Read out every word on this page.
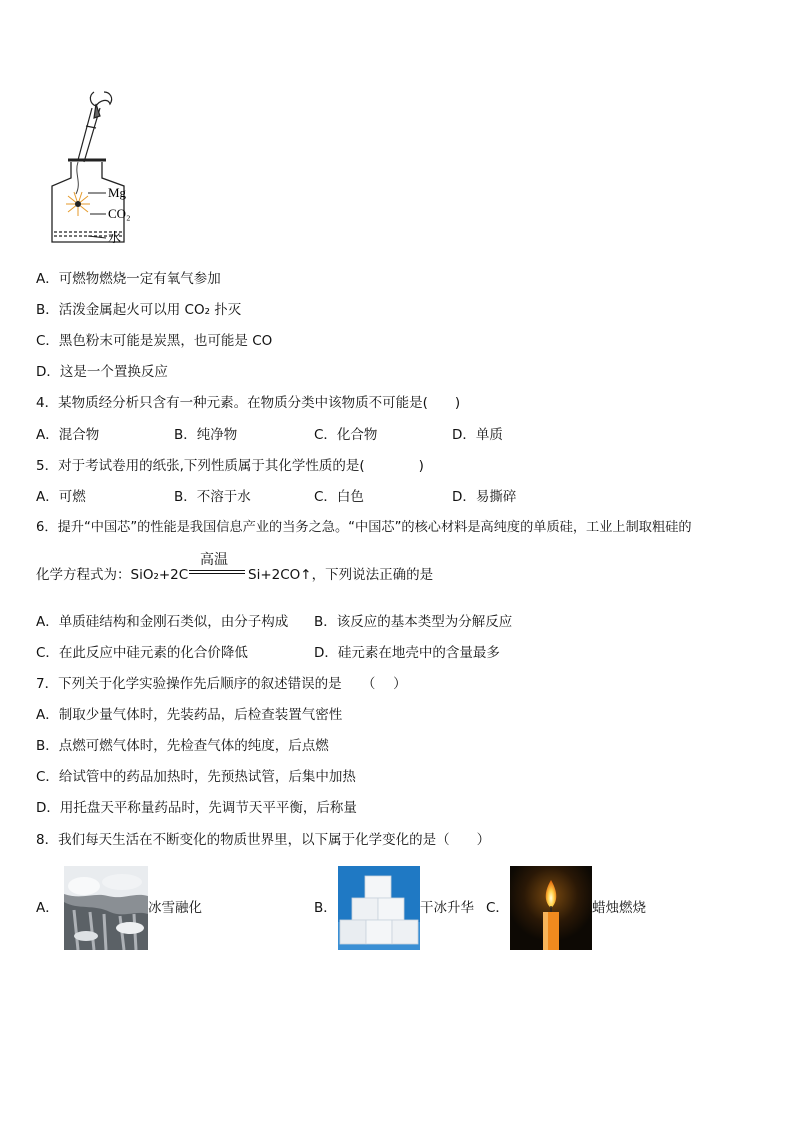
Mg
CO₂
水
A．可燃物燃烧一定有氧气参加
B．活泼金属起火可以用 CO₂ 扑灭
C．黑色粉末可能是炭黑，也可能是 CO
D．这是一个置换反应
4．某物质经分析只含有一种元素。在物质分类中该物质不可能是(　　)
A．混合物	B．纯净物	C．化合物	D．单质
5．对于考试卷用的纸张,下列性质属于其化学性质的是(　　　　)
A．可燃	B．不溶于水	C．白色	D．易撕碎
6．提升“中国芯”的性能是我国信息产业的当务之急。“中国芯”的核心材料是高纯度的单质硅，工业上制取粗硅的
高温
化学方程式为：SiO₂+2C	Si+2CO↑，下列说法正确的是
A．单质硅结构和金刚石类似，由分子构成 B．该反应的基本类型为分解反应
C．在此反应中硅元素的化合价降低	D．硅元素在地壳中的含量最多
7．下列关于化学实验操作先后顺序的叙述错误的是　　（　 ）
A．制取少量气体时，先装药品，后检查装置气密性
B．点燃可燃气体时，先检查气体的纯度，后点燃
C．给试管中的药品加热时，先预热试管，后集中加热
D．用托盘天平称量药品时，先调节天平平衡，后称量
8．我们每天生活在不断变化的物质世界里，以下属于化学变化的是（　　）
A．	冰雪融化	B．	干冰升华 C．	蜡烛燃烧
